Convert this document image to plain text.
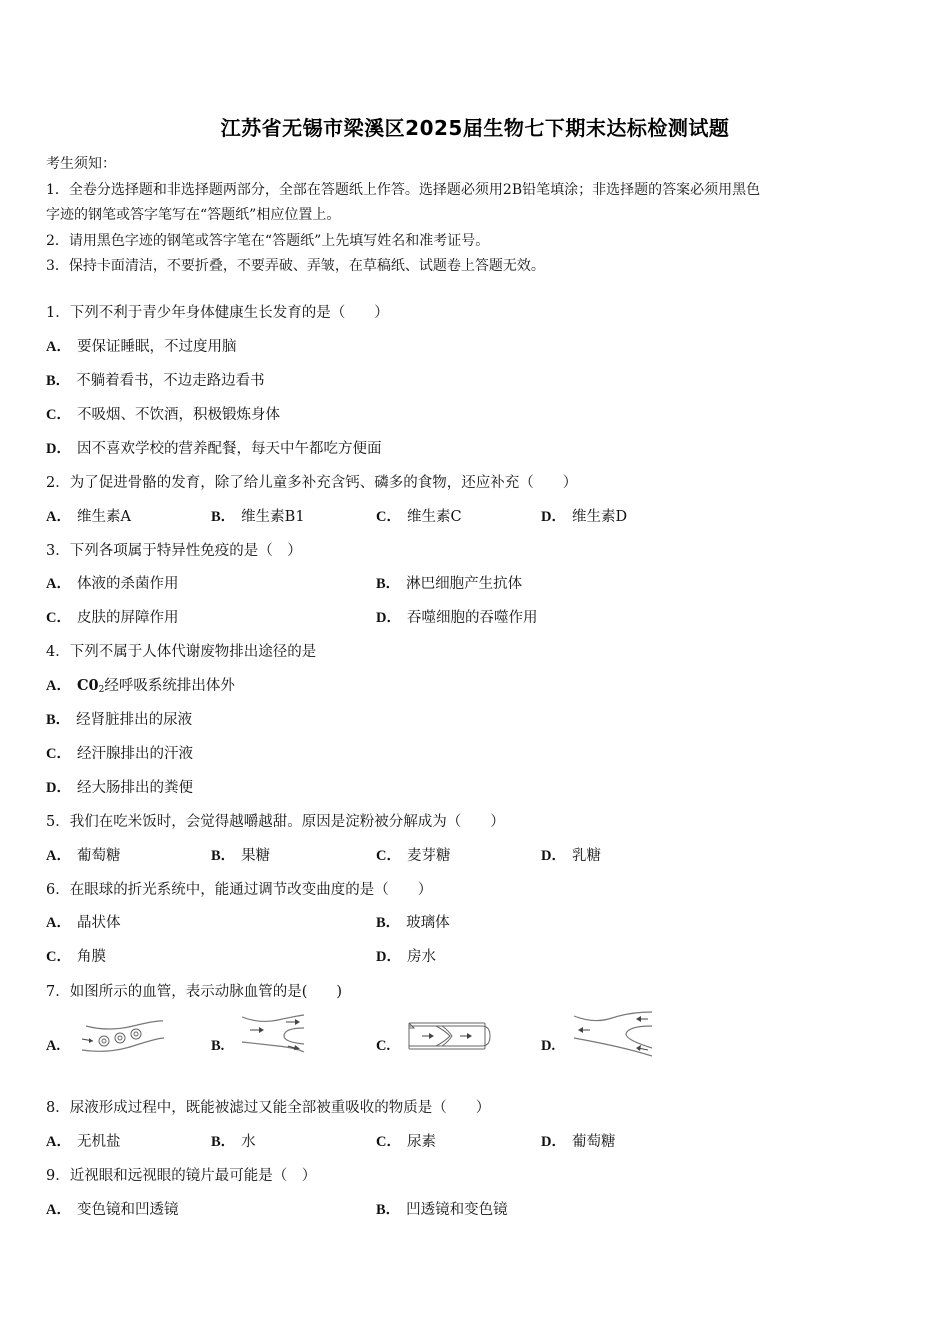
江苏省无锡市梁溪区2025届生物七下期末达标检测试题
考生须知：
1．全卷分选择题和非选择题两部分，全部在答题纸上作答。选择题必须用2B铅笔填涂；非选择题的答案必须用黑色
字迹的钢笔或答字笔写在“答题纸”相应位置上。
2．请用黑色字迹的钢笔或答字笔在“答题纸”上先填写姓名和准考证号。
3．保持卡面清洁，不要折叠，不要弄破、弄皱，在草稿纸、试题卷上答题无效。
1．下列不利于青少年身体健康生长发育的是（　　）
A． 要保证睡眠，不过度用脑
B． 不躺着看书，不边走路边看书
C． 不吸烟、不饮酒，积极锻炼身体
D． 因不喜欢学校的营养配餐，每天中午都吃方便面
2．为了促进骨骼的发育，除了给儿童多补充含钙、磷多的食物，还应补充（　　）
A． 维生素A	B． 维生素B1	C． 维生素C	D． 维生素D
3．下列各项属于特异性免疫的是（　）
A． 体液的杀菌作用	B． 淋巴细胞产生抗体
C． 皮肤的屏障作用	D． 吞噬细胞的吞噬作用
4．下列不属于人体代谢废物排出途径的是
A． $C0_2$经呼吸系统排出体外
B． 经肾脏排出的尿液
C． 经汗腺排出的汗液
D． 经大肠排出的粪便
5．我们在吃米饭时，会觉得越嚼越甜。原因是淀粉被分解成为（　　）
A． 葡萄糖	B． 果糖	C． 麦芽糖	D． 乳糖
6．在眼球的折光系统中，能通过调节改变曲度的是（　　）
A． 晶状体	B． 玻璃体
C． 角膜	D． 房水
7．如图所示的血管，表示动脉血管的是(　　)
A.	B.	C.	D.
8．尿液形成过程中，既能被滤过又能全部被重吸收的物质是（　　）
A． 无机盐	B． 水	C． 尿素	D． 葡萄糖
9．近视眼和远视眼的镜片最可能是（　）
A． 变色镜和凹透镜	B． 凹透镜和变色镜
